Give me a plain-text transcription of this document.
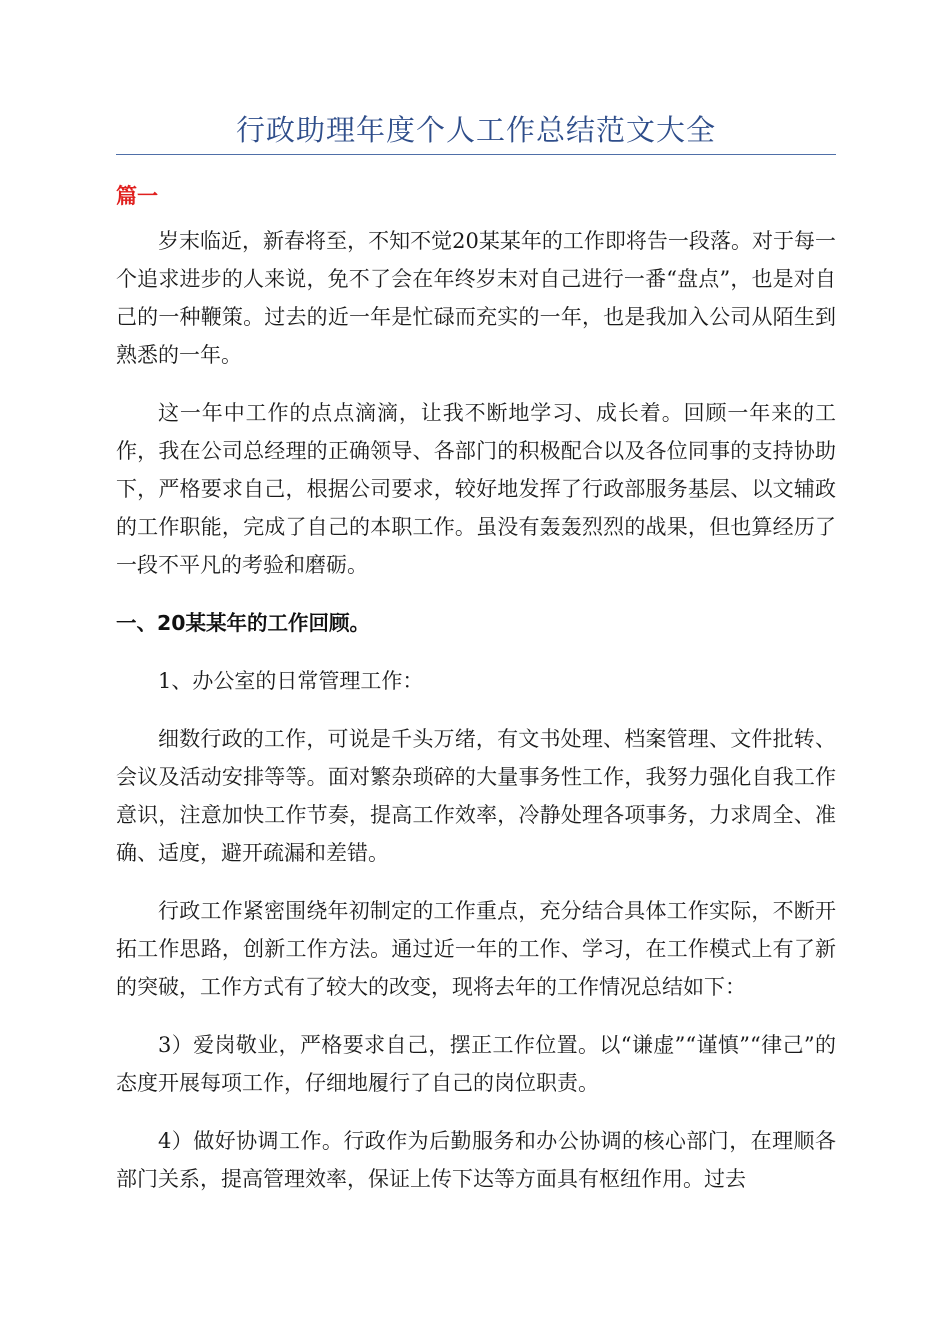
行政助理年度个人工作总结范文大全
篇一

岁末临近，新春将至，不知不觉20某某年的工作即将告一段落。对于每一个追求进步的人来说，免不了会在年终岁末对自己进行一番“盘点”，也是对自己的一种鞭策。过去的近一年是忙碌而充实的一年，也是我加入公司从陌生到熟悉的一年。

这一年中工作的点点滴滴，让我不断地学习、成长着。回顾一年来的工作，我在公司总经理的正确领导、各部门的积极配合以及各位同事的支持协助下，严格要求自己，根据公司要求，较好地发挥了行政部服务基层、以文辅政的工作职能，完成了自己的本职工作。虽没有轰轰烈烈的战果，但也算经历了一段不平凡的考验和磨砺。

一、20某某年的工作回顾。

1、办公室的日常管理工作：

细数行政的工作，可说是千头万绪，有文书处理、档案管理、文件批转、会议及活动安排等等。面对繁杂琐碎的大量事务性工作，我努力强化自我工作意识，注意加快工作节奏，提高工作效率，冷静处理各项事务，力求周全、准确、适度，避开疏漏和差错。

行政工作紧密围绕年初制定的工作重点，充分结合具体工作实际，不断开拓工作思路，创新工作方法。通过近一年的工作、学习，在工作模式上有了新的突破，工作方式有了较大的改变，现将去年的工作情况总结如下：

3）爱岗敬业，严格要求自己，摆正工作位置。以“谦虚”“谨慎”“律己”的态度开展每项工作，仔细地履行了自己的岗位职责。

4）做好协调工作。行政作为后勤服务和办公协调的核心部门，在理顺各部门关系，提高管理效率，保证上传下达等方面具有枢纽作用。过去
